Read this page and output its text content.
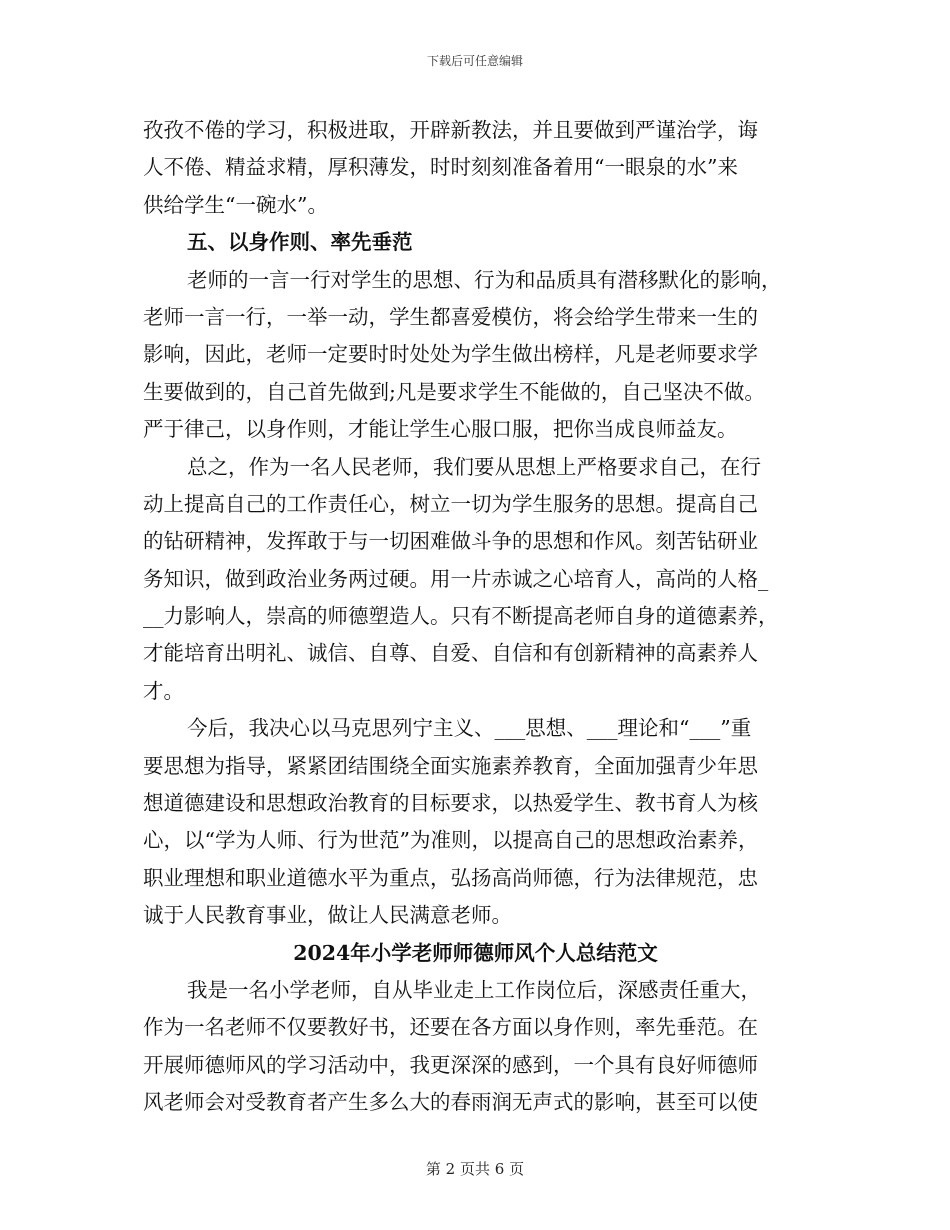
下载后可任意编辑
孜孜不倦的学习，积极进取，开辟新教法，并且要做到严谨治学，诲
人不倦、精益求精，厚积薄发，时时刻刻准备着用“一眼泉的水”来
供给学生“一碗水”。
五、以身作则、率先垂范
老师的一言一行对学生的思想、行为和品质具有潜移默化的影响，
老师一言一行，一举一动，学生都喜爱模仿，将会给学生带来一生的
影响，因此，老师一定要时时处处为学生做出榜样，凡是老师要求学
生要做到的，自己首先做到;凡是要求学生不能做的，自己坚决不做。
严于律己，以身作则，才能让学生心服口服，把你当成良师益友。
总之，作为一名人民老师，我们要从思想上严格要求自己，在行
动上提高自己的工作责任心，树立一切为学生服务的思想。提高自己
的钻研精神，发挥敢于与一切困难做斗争的思想和作风。刻苦钻研业
务知识，做到政治业务两过硬。用一片赤诚之心培育人，高尚的人格_
__力影响人，崇高的师德塑造人。只有不断提高老师自身的道德素养，
才能培育出明礼、诚信、自尊、自爱、自信和有创新精神的高素养人
才。
今后，我决心以马克思列宁主义、___思想、___理论和“___”重
要思想为指导，紧紧团结围绕全面实施素养教育，全面加强青少年思
想道德建设和思想政治教育的目标要求，以热爱学生、教书育人为核
心，以“学为人师、行为世范”为准则，以提高自己的思想政治素养，
职业理想和职业道德水平为重点，弘扬高尚师德，行为法律规范，忠
诚于人民教育事业，做让人民满意老师。
2024年小学老师师德师风个人总结范文
我是一名小学老师，自从毕业走上工作岗位后，深感责任重大，
作为一名老师不仅要教好书，还要在各方面以身作则，率先垂范。在
开展师德师风的学习活动中，我更深深的感到，一个具有良好师德师
风老师会对受教育者产生多么大的春雨润无声式的影响，甚至可以使
第 2 页共 6 页
